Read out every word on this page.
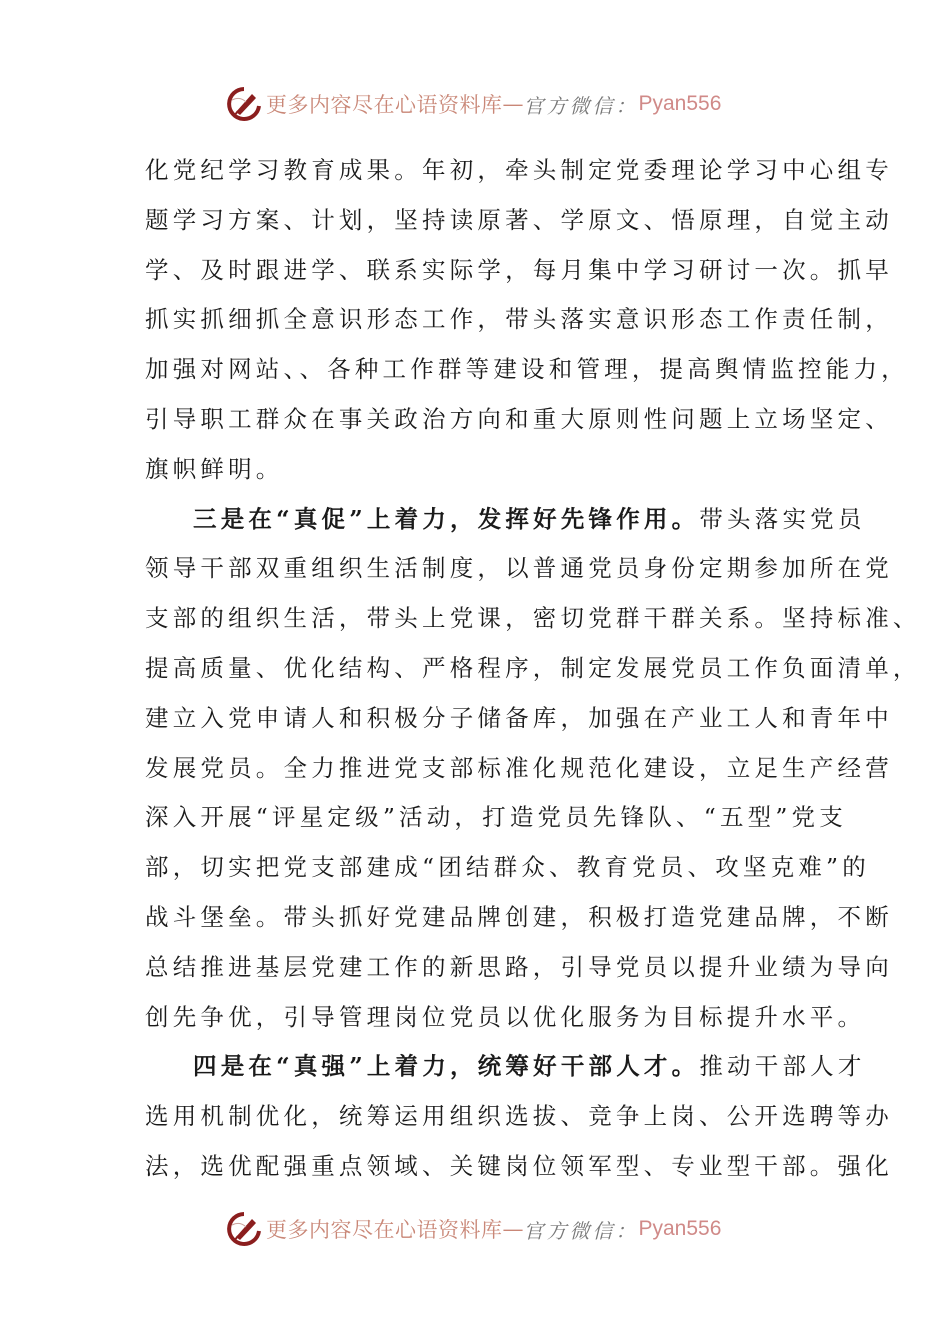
更多内容尽在心语资料库 — 官方微信： Pyan556
化党纪学习教育成果。年初，牵头制定党委理论学习中心组专
题学习方案、计划，坚持读原著、学原文、悟原理，自觉主动
学、及时跟进学、联系实际学，每月集中学习研讨一次。抓早
抓实抓细抓全意识形态工作，带头落实意识形态工作责任制，
加强对网站、、各种工作群等建设和管理，提高舆情监控能力，
引导职工群众在事关政治方向和重大原则性问题上立场坚定、
旗帜鲜明。
三是在“真促”上着力，发挥好先锋作用。带头落实党员
领导干部双重组织生活制度，以普通党员身份定期参加所在党
支部的组织生活，带头上党课，密切党群干群关系。坚持标准、
提高质量、优化结构、严格程序，制定发展党员工作负面清单，
建立入党申请人和积极分子储备库，加强在产业工人和青年中
发展党员。全力推进党支部标准化规范化建设，立足生产经营
深入开展“评星定级”活动，打造党员先锋队、“五型”党支
部，切实把党支部建成“团结群众、教育党员、攻坚克难”的
战斗堡垒。带头抓好党建品牌创建，积极打造党建品牌，不断
总结推进基层党建工作的新思路，引导党员以提升业绩为导向
创先争优，引导管理岗位党员以优化服务为目标提升水平。
四是在“真强”上着力，统筹好干部人才。推动干部人才
选用机制优化，统筹运用组织选拔、竞争上岗、公开选聘等办
法，选优配强重点领域、关键岗位领军型、专业型干部。强化
更多内容尽在心语资料库 — 官方微信： Pyan556
